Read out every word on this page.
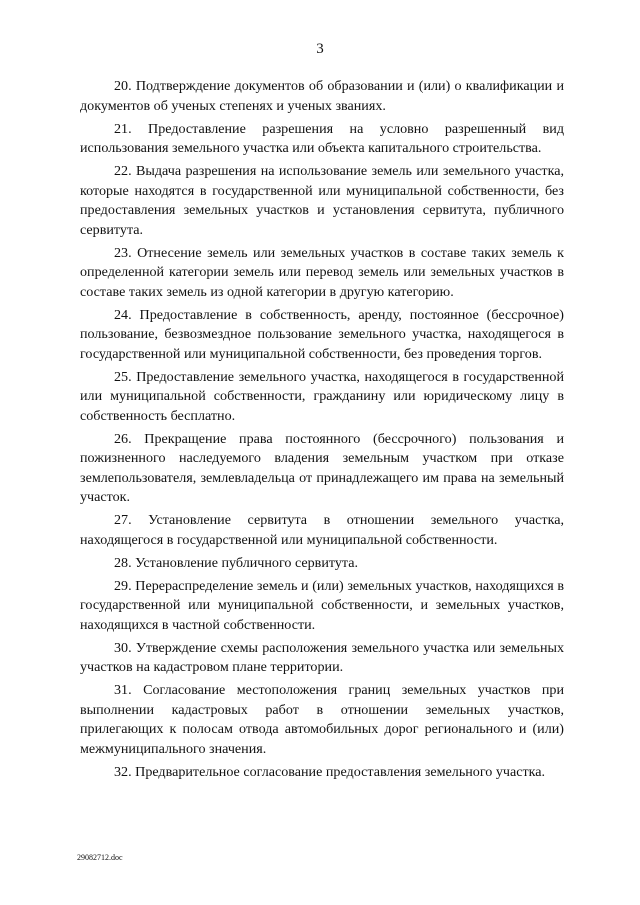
3

20. Подтверждение документов об образовании и (или) о квалификации и документов об ученых степенях и ученых званиях.

21. Предоставление разрешения на условно разрешенный вид использования земельного участка или объекта капитального строительства.

22. Выдача разрешения на использование земель или земельного участка, которые находятся в государственной или муниципальной собственности, без предоставления земельных участков и установления сервитута, публичного сервитута.

23. Отнесение земель или земельных участков в составе таких земель к определенной категории земель или перевод земель или земельных участков в составе таких земель из одной категории в другую категорию.

24. Предоставление в собственность, аренду, постоянное (бессрочное) пользование, безвозмездное пользование земельного участка, находящегося в государственной или муниципальной собственности, без проведения торгов.

25. Предоставление земельного участка, находящегося в государственной или муниципальной собственности, гражданину или юридическому лицу в собственность бесплатно.

26. Прекращение права постоянного (бессрочного) пользования и пожизненного наследуемого владения земельным участком при отказе землепользователя, землевладельца от принадлежащего им права на земельный участок.

27. Установление сервитута в отношении земельного участка, находящегося в государственной или муниципальной собственности.

28. Установление публичного сервитута.

29. Перераспределение земель и (или) земельных участков, находящихся в государственной или муниципальной собственности, и земельных участков, находящихся в частной собственности.

30. Утверждение схемы расположения земельного участка или земельных участков на кадастровом плане территории.

31. Согласование местоположения границ земельных участков при выполнении кадастровых работ в отношении земельных участков, прилегающих к полосам отвода автомобильных дорог регионального и (или) межмуниципального значения.

32. Предварительное согласование предоставления земельного участка.

29082712.doc
